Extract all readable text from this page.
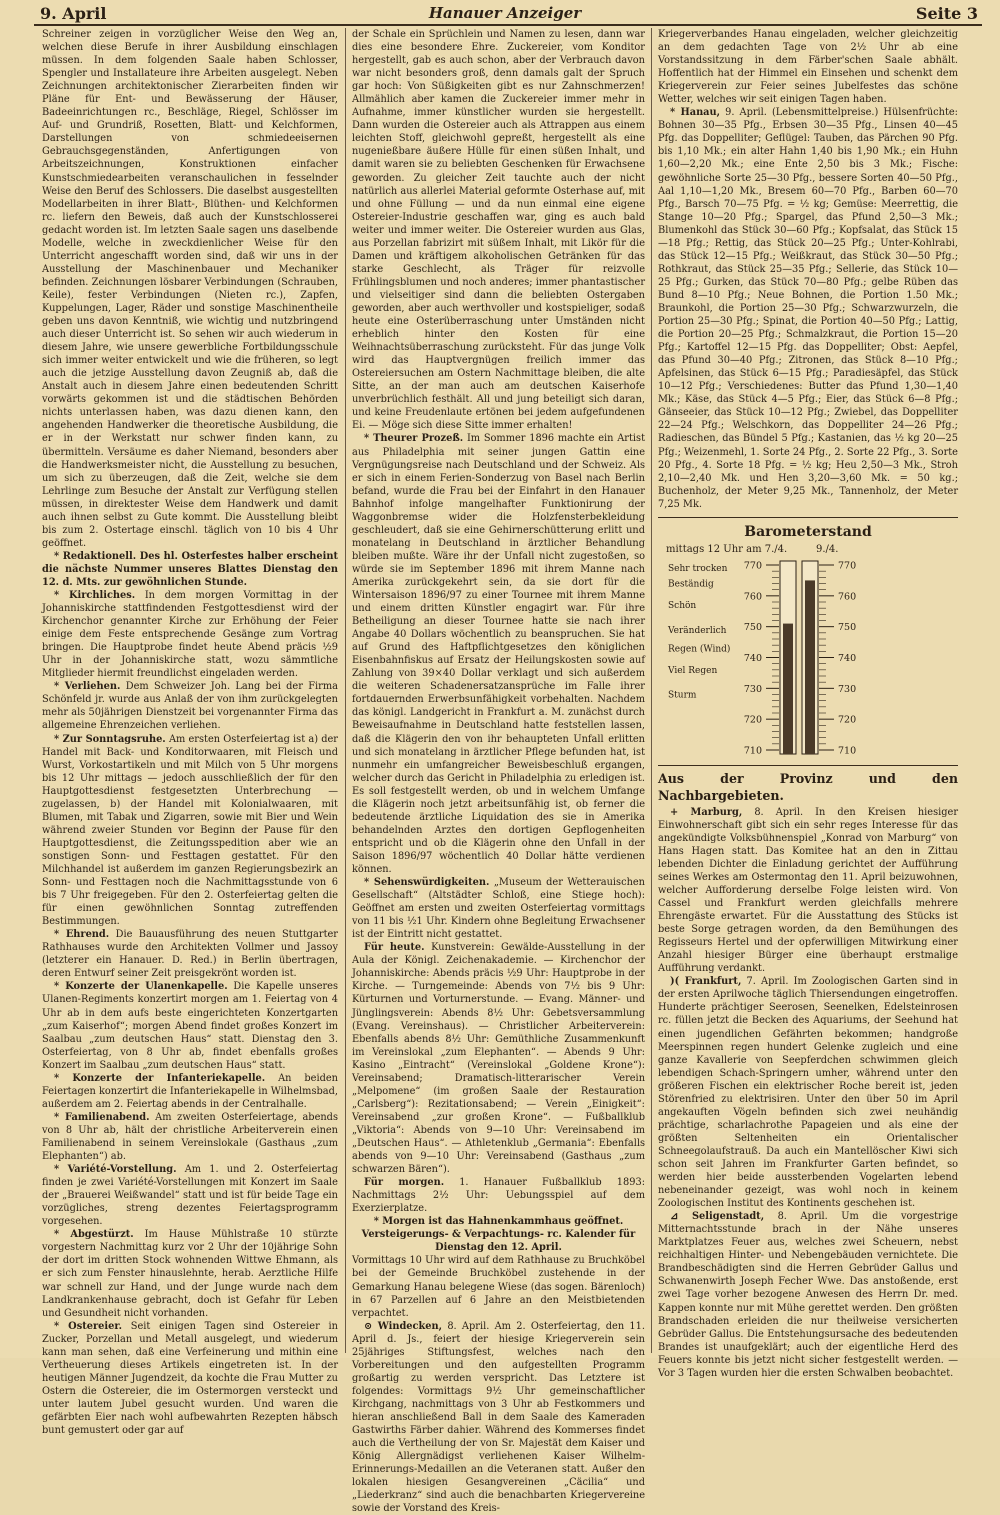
9. April	Hanauer Anzeiger	Seite 3

Schreiner zeigen in vorzüglicher Weise den Weg an, welchen diese Berufe in ihrer Ausbildung einschlagen müssen. In dem folgenden Saale haben Schlosser, Spengler und Installateure ihre Arbeiten ausgelegt. Neben Zeichnungen architektonischer Zierarbeiten finden wir Pläne für Ent- und Bewässerung der Häuser, Badeeinrichtungen rc., Beschläge, Riegel, Schlösser im Auf- und Grundriß, Rosetten, Blatt- und Kelchformen, Darstellungen von schmiedeeisernen Gebrauchsgegenständen, Anfertigungen von Arbeitszeichnungen, Konstruktionen einfacher Kunstschmiedearbeiten veranschaulichen in fesselnder Weise den Beruf des Schlossers. Die daselbst ausgestellten Modellarbeiten in ihrer Blatt-, Blüthen- und Kelchformen rc. liefern den Beweis, daß auch der Kunstschlosserei gedacht worden ist. Im letzten Saale sagen uns daselbende Modelle, welche in zweckdienlicher Weise für den Unterricht angeschafft worden sind, daß wir uns in der Ausstellung der Maschinenbauer und Mechaniker befinden. Zeichnungen lösbarer Verbindungen (Schrauben, Keile), fester Verbindungen (Nieten rc.), Zapfen, Kuppelungen, Lager, Räder und sonstige Maschinentheile geben uns davon Kenntniß, wie wichtig und nutzbringend auch dieser Unterricht ist. So sehen wir auch wiederum in diesem Jahre, wie unsere gewerbliche Fortbildungsschule sich immer weiter entwickelt und wie die früheren, so legt auch die jetzige Ausstellung davon Zeugniß ab, daß die Anstalt auch in diesem Jahre einen bedeutenden Schritt vorwärts gekommen ist und die städtischen Behörden nichts unterlassen haben, was dazu dienen kann, den angehenden Handwerker die theoretische Ausbildung, die er in der Werkstatt nur schwer finden kann, zu übermitteln. Versäume es daher Niemand, besonders aber die Handwerksmeister nicht, die Ausstellung zu besuchen, um sich zu überzeugen, daß die Zeit, welche sie dem Lehrlinge zum Besuche der Anstalt zur Verfügung stellen müssen, in direktester Weise dem Handwerk und damit auch ihnen selbst zu Gute kommt. Die Ausstellung bleibt bis zum 2. Ostertage einschl. täglich von 10 bis 4 Uhr geöffnet.

* Redaktionell. Des hl. Osterfestes halber erscheint die nächste Nummer unseres Blattes Dienstag den 12. d. Mts. zur gewöhnlichen Stunde.

* Kirchliches. In dem morgen Vormittag in der Johanniskirche stattfindenden Festgottesdienst wird der Kirchenchor genannter Kirche zur Erhöhung der Feier einige dem Feste entsprechende Gesänge zum Vortrag bringen. Die Hauptprobe findet heute Abend präcis ½9 Uhr in der Johanniskirche statt, wozu sämmtliche Mitglieder hiermit freundlichst eingeladen werden.

* Verliehen. Dem Schweizer Joh. Lang bei der Firma Schönfeld jr. wurde aus Anlaß der von ihm zurückgelegten mehr als 50jährigen Dienstzeit bei vorgenannter Firma das allgemeine Ehrenzeichen verliehen.

* Zur Sonntagsruhe. Am ersten Osterfeiertag ist a) der Handel mit Back- und Konditorwaaren, mit Fleisch und Wurst, Vorkostartikeln und mit Milch von 5 Uhr morgens bis 12 Uhr mittags — jedoch ausschließlich der für den Hauptgottesdienst festgesetzten Unterbrechung — zugelassen, b) der Handel mit Kolonialwaaren, mit Blumen, mit Tabak und Zigarren, sowie mit Bier und Wein während zweier Stunden vor Beginn der Pause für den Hauptgottesdienst, die Zeitungsspedition aber wie an sonstigen Sonn- und Festtagen gestattet. Für den Milchhandel ist außerdem im ganzen Regierungsbezirk an Sonn- und Festtagen noch die Nachmittagsstunde von 6 bis 7 Uhr freigegeben. Für den 2. Osterfeiertag gelten die für einen gewöhnlichen Sonntag zutreffenden Bestimmungen.

* Ehrend. Die Bauausführung des neuen Stuttgarter Rathhauses wurde den Architekten Vollmer und Jassoy (letzterer ein Hanauer. D. Red.) in Berlin übertragen, deren Entwurf seiner Zeit preisgekrönt worden ist.

* Konzerte der Ulanenkapelle. Die Kapelle unseres Ulanen-Regiments konzertirt morgen am 1. Feiertag von 4 Uhr ab in dem aufs beste eingerichteten Konzertgarten „zum Kaiserhof“; morgen Abend findet großes Konzert im Saalbau „zum deutschen Haus“ statt. Dienstag den 3. Osterfeiertag, von 8 Uhr ab, findet ebenfalls großes Konzert im Saalbau „zum deutschen Haus“ statt.

* Konzerte der Infanteriekapelle. An beiden Feiertagen konzertirt die Infanteriekapelle in Wilhelmsbad, außerdem am 2. Feiertag abends in der Centralhalle.

* Familienabend. Am zweiten Osterfeiertage, abends von 8 Uhr ab, hält der christliche Arbeiterverein einen Familienabend in seinem Vereinslokale (Gasthaus „zum Elephanten“) ab.

* Variété-Vorstellung. Am 1. und 2. Osterfeiertag finden je zwei Variété-Vorstellungen mit Konzert im Saale der „Brauerei Weißwandel“ statt und ist für beide Tage ein vorzügliches, streng dezentes Feiertagsprogramm vorgesehen.

* Abgestürzt. Im Hause Mühlstraße 10 stürzte vorgestern Nachmittag kurz vor 2 Uhr der 10jährige Sohn der dort im dritten Stock wohnenden Wittwe Ehmann, als er sich zum Fenster hinauslehnte, herab. Aerztliche Hilfe war schnell zur Hand, und der Junge wurde nach dem Landkrankenhause gebracht, doch ist Gefahr für Leben und Gesundheit nicht vorhanden.

* Ostereier. Seit einigen Tagen sind Ostereier in Zucker, Porzellan und Metall ausgelegt, und wiederum kann man sehen, daß eine Verfeinerung und mithin eine Vertheuerung dieses Artikels eingetreten ist. In der heutigen Männer Jugendzeit, da kochte die Frau Mutter zu Ostern die Ostereier, die im Ostermorgen versteckt und unter lautem Jubel gesucht wurden. Und waren die gefärbten Eier nach wohl aufbewahrten Rezepten häbsch bunt gemustert oder gar auf

der Schale ein Sprüchlein und Namen zu lesen, dann war dies eine besondere Ehre. Zuckereier, vom Konditor hergestellt, gab es auch schon, aber der Verbrauch davon war nicht besonders groß, denn damals galt der Spruch gar hoch: Von Süßigkeiten gibt es nur Zahnschmerzen! Allmählich aber kamen die Zuckereier immer mehr in Aufnahme, immer künstlicher wurden sie hergestellt. Dann wurden die Ostereier auch als Attrappen aus einem leichten Stoff, gleichwohl gepreßt, hergestellt als eine nugenießbare äußere Hülle für einen süßen Inhalt, und damit waren sie zu beliebten Geschenken für Erwachsene geworden. Zu gleicher Zeit tauchte auch der nicht natürlich aus allerlei Material geformte Osterhase auf, mit und ohne Füllung — und da nun einmal eine eigene Ostereier-Industrie geschaffen war, ging es auch bald weiter und immer weiter. Die Ostereier wurden aus Glas, aus Porzellan fabrizirt mit süßem Inhalt, mit Likör für die Damen und kräftigem alkoholischen Getränken für das starke Geschlecht, als Träger für reizvolle Frühlingsblumen und noch anderes; immer phantastischer und vielseitiger sind dann die beliebten Ostergaben geworden, aber auch werthvoller und kostspieliger, sodaß heute eine Osterüberraschung unter Umständen nicht erheblich hinter den Kosten für eine Weihnachtsüberraschung zurücksteht. Für das junge Volk wird das Hauptvergnügen freilich immer das Ostereiersuchen am Ostern Nachmittage bleiben, die alte Sitte, an der man auch am deutschen Kaiserhofe unverbrüchlich festhält. All und jung beteiligt sich daran, und keine Freudenlaute ertönen bei jedem aufgefundenen Ei. — Möge sich diese Sitte immer erhalten!

* Theurer Prozeß. Im Sommer 1896 machte ein Artist aus Philadelphia mit seiner jungen Gattin eine Vergnügungsreise nach Deutschland und der Schweiz. Als er sich in einem Ferien-Sonderzug von Basel nach Berlin befand, wurde die Frau bei der Einfahrt in den Hanauer Bahnhof infolge mangelhafter Funktionirung der Waggonbremse wider die Holzfensterbekleidung geschleudert, daß sie eine Gehirnerschütterung erlitt und monatelang in Deutschland in ärztlicher Behandlung bleiben mußte. Wäre ihr der Unfall nicht zugestoßen, so würde sie im September 1896 mit ihrem Manne nach Amerika zurückgekehrt sein, da sie dort für die Wintersaison 1896/97 zu einer Tournee mit ihrem Manne und einem dritten Künstler engagirt war. Für ihre Betheiligung an dieser Tournee hatte sie nach ihrer Angabe 40 Dollars wöchentlich zu beanspruchen. Sie hat auf Grund des Haftpflichtgesetzes den königlichen Eisenbahnfiskus auf Ersatz der Heilungskosten sowie auf Zahlung von 39×40 Dollar verklagt und sich außerdem die weiteren Schadenersatzansprüche im Falle ihrer fortdauernden Erwerbsunfähigkeit vorbehalten. Nachdem das königl. Landgericht in Frankfurt a. M. zunächst durch Beweisaufnahme in Deutschland hatte feststellen lassen, daß die Klägerin den von ihr behaupteten Unfall erlitten und sich monatelang in ärztlicher Pflege befunden hat, ist nunmehr ein umfangreicher Beweisbeschluß ergangen, welcher durch das Gericht in Philadelphia zu erledigen ist. Es soll festgestellt werden, ob und in welchem Umfange die Klägerin noch jetzt arbeitsunfähig ist, ob ferner die bedeutende ärztliche Liquidation des sie in Amerika behandelnden Arztes den dortigen Gepflogenheiten entspricht und ob die Klägerin ohne den Unfall in der Saison 1896/97 wöchentlich 40 Dollar hätte verdienen können.

* Sehenswürdigkeiten. „Museum der Wetterauischen Gesellschaft“ (Altstädter Schloß, eine Stiege hoch): Geöffnet am ersten und zweiten Osterfeiertag vormittags von 11 bis ½1 Uhr. Kindern ohne Begleitung Erwachsener ist der Eintritt nicht gestattet.

Für heute. Kunstverein: Gewälde-Ausstellung in der Aula der Königl. Zeichenakademie. — Kirchenchor der Johanniskirche: Abends präcis ½9 Uhr: Hauptprobe in der Kirche. — Turngemeinde: Abends von 7½ bis 9 Uhr: Kürturnen und Vorturnerstunde. — Evang. Männer- und Jünglingsverein: Abends 8½ Uhr: Gebetsversammlung (Evang. Vereinshaus). — Christlicher Arbeiterverein: Ebenfalls abends 8½ Uhr: Gemüthliche Zusammenkunft im Vereinslokal „zum Elephanten“. — Abends 9 Uhr: Kasino „Eintracht“ (Vereinslokal „Goldene Krone“): Vereinsabend; Dramatisch-litterarischer Verein „Melpomene“ (im großen Saale der Restauration „Carlsberg“): Rezitationsabend; — Verein „Einigkeit“: Vereinsabend „zur großen Krone“. — Fußballklub „Viktoria“: Abends von 9—10 Uhr: Vereinsabend im „Deutschen Haus“. — Athletenklub „Germania“: Ebenfalls abends von 9—10 Uhr: Vereinsabend (Gasthaus „zum schwarzen Bären“).

Für morgen. 1. Hanauer Fußballklub 1893: Nachmittags 2½ Uhr: Uebungsspiel auf dem Exerzierplatze.

* Morgen ist das Hahnenkammhaus geöffnet.

Versteigerungs- & Verpachtungs- rc. Kalender für Dienstag den 12. April.

Vormittags 10 Uhr wird auf dem Rathhause zu Bruchköbel bei der Gemeinde Bruchköbel zustehende in der Gemarkung Hanau belegene Wiese (das sogen. Bärenloch) in 67 Parzellen auf 6 Jahre an den Meistbietenden verpachtet.

⊙ Windecken, 8. April. Am 2. Osterfeiertag, den 11. April d. Js., feiert der hiesige Kriegerverein sein 25jähriges Stiftungsfest, welches nach den Vorbereitungen und den aufgestellten Programm großartig zu werden verspricht. Das Letztere ist folgendes: Vormittags 9½ Uhr gemeinschaftlicher Kirchgang, nachmittags von 3 Uhr ab Festkommers und hieran anschließend Ball in dem Saale des Kameraden Gastwirths Färber dahier. Während des Kommerses findet auch die Vertheilung der von Sr. Majestät dem Kaiser und König Allergnädigst verliehenen Kaiser Wilhelm-Erinnerungs-Medaillen an die Veteranen statt. Außer den lokalen hiesigen Gesangvereinen „Cäcilia“ und „Liederkranz“ sind auch die benachbarten Kriegervereine sowie der Vorstand des Kreis-

Kriegerverbandes Hanau eingeladen, welcher gleichzeitig an dem gedachten Tage von 2½ Uhr ab eine Vorstandssitzung in dem Färber'schen Saale abhält. Hoffentlich hat der Himmel ein Einsehen und schenkt dem Kriegerverein zur Feier seines Jubelfestes das schöne Wetter, welches wir seit einigen Tagen haben.

* Hanau, 9. April. (Lebensmittelpreise.) Hülsenfrüchte: Bohnen 30—35 Pfg., Erbsen 30—35 Pfg., Linsen 40—45 Pfg. das Doppelliter; Geflügel: Tauben, das Pärchen 90 Pfg. bis 1,10 Mk.; ein alter Hahn 1,40 bis 1,90 Mk.; ein Huhn 1,60—2,20 Mk.; eine Ente 2,50 bis 3 Mk.; Fische: gewöhnliche Sorte 25—30 Pfg., bessere Sorten 40—50 Pfg., Aal 1,10—1,20 Mk., Bresem 60—70 Pfg., Barben 60—70 Pfg., Barsch 70—75 Pfg. = ½ kg; Gemüse: Meerrettig, die Stange 10—20 Pfg.; Spargel, das Pfund 2,50—3 Mk.; Blumenkohl das Stück 30—60 Pfg.; Kopfsalat, das Stück 15—18 Pfg.; Rettig, das Stück 20—25 Pfg.; Unter-Kohlrabi, das Stück 12—15 Pfg.; Weißkraut, das Stück 30—50 Pfg.; Rothkraut, das Stück 25—35 Pfg.; Sellerie, das Stück 10—25 Pfg.; Gurken, das Stück 70—80 Pfg.; gelbe Rüben das Bund 8—10 Pfg.; Neue Bohnen, die Portion 1.50 Mk.; Braunkohl, die Portion 25—30 Pfg.; Schwarzwurzeln, die Portion 25—30 Pfg.; Spinat, die Portion 40—50 Pfg.; Lattig, die Portion 20—25 Pfg.; Schmalzkraut, die Portion 15—20 Pfg.; Kartoffel 12—15 Pfg. das Doppelliter; Obst: Aepfel, das Pfund 30—40 Pfg.; Zitronen, das Stück 8—10 Pfg.; Apfelsinen, das Stück 6—15 Pfg.; Paradiesäpfel, das Stück 10—12 Pfg.; Verschiedenes: Butter das Pfund 1,30—1,40 Mk.; Käse, das Stück 4—5 Pfg.; Eier, das Stück 6—8 Pfg.; Gänseeier, das Stück 10—12 Pfg.; Zwiebel, das Doppelliter 22—24 Pfg.; Welschkorn, das Doppelliter 24—26 Pfg.; Radieschen, das Bündel 5 Pfg.; Kastanien, das ½ kg 20—25 Pfg.; Weizenmehl, 1. Sorte 24 Pfg., 2. Sorte 22 Pfg., 3. Sorte 20 Pfg., 4. Sorte 18 Pfg. = ½ kg; Heu 2,50—3 Mk., Stroh 2,10—2,40 Mk. und Hen 3,20—3,60 Mk. = 50 kg.; Buchenholz, der Meter 9,25 Mk., Tannenholz, der Meter 7,25 Mk.

Barometerstand
mittags 12 Uhr am 7./4.	9./4.
770
760
750
740
730
720
710
770
760
750
740
730
720
710
Sehr trocken
Beständig
Schön
Veränderlich
Regen (Wind)
Viel Regen
Sturm

Aus der Provinz und den Nachbargebieten.

+ Marburg, 8. April. In den Kreisen hiesiger Einwohnerschaft gibt sich ein sehr reges Interesse für das angekündigte Volksbühnenspiel „Konrad von Marburg“ von Hans Hagen statt. Das Komitee hat an den in Zittau lebenden Dichter die Einladung gerichtet der Aufführung seines Werkes am Ostermontag den 11. April beizuwohnen, welcher Aufforderung derselbe Folge leisten wird. Von Cassel und Frankfurt werden gleichfalls mehrere Ehrengäste erwartet. Für die Ausstattung des Stücks ist beste Sorge getragen worden, da den Bemühungen des Regisseurs Hertel und der opferwilligen Mitwirkung einer Anzahl hiesiger Bürger eine überhaupt erstmalige Aufführung verdankt.

)( Frankfurt, 7. April. Im Zoologischen Garten sind in der ersten Aprilwoche täglich Thiersendungen eingetroffen. Hunderte prächtiger Seerosen, Seenelken, Edelsteinrosen rc. füllen jetzt die Becken des Aquariums, der Seehund hat einen jugendlichen Gefährten bekommen; handgroße Meerspinnen regen hundert Gelenke zugleich und eine ganze Kavallerie von Seepferdchen schwimmen gleich lebendigen Schach-Springern umher, während unter den größeren Fischen ein elektrischer Roche bereit ist, jeden Störenfried zu elektrisiren. Unter den über 50 im April angekauften Vögeln befinden sich zwei neuhändig prächtige, scharlachrothe Papageien und als eine der größten Seltenheiten ein Orientalischer Schneegolaufstrauß. Da auch ein Mantellöscher Kiwi sich schon seit Jahren im Frankfurter Garten befindet, so werden hier beide aussterbenden Vogelarten lebend nebeneinander gezeigt, was wohl noch in keinem Zoologischen Institut des Kontinents geschehen ist.

⊿ Seligenstadt, 8. April. Um die vorgestrige Mitternachtsstunde brach in der Nähe unseres Marktplatzes Feuer aus, welches zwei Scheuern, nebst reichhaltigen Hinter- und Nebengebäuden vernichtete. Die Brandbeschädigten sind die Herren Gebrüder Gallus und Schwanenwirth Joseph Fecher Wwe. Das anstoßende, erst zwei Tage vorher bezogene Anwesen des Herrn Dr. med. Kappen konnte nur mit Mühe gerettet werden. Den größten Brandschaden erleiden die nur theilweise versicherten Gebrüder Gallus. Die Entstehungsursache des bedeutenden Brandes ist unaufgeklärt; auch der eigentliche Herd des Feuers konnte bis jetzt nicht sicher festgestellt werden. — Vor 3 Tagen wurden hier die ersten Schwalben beobachtet.
